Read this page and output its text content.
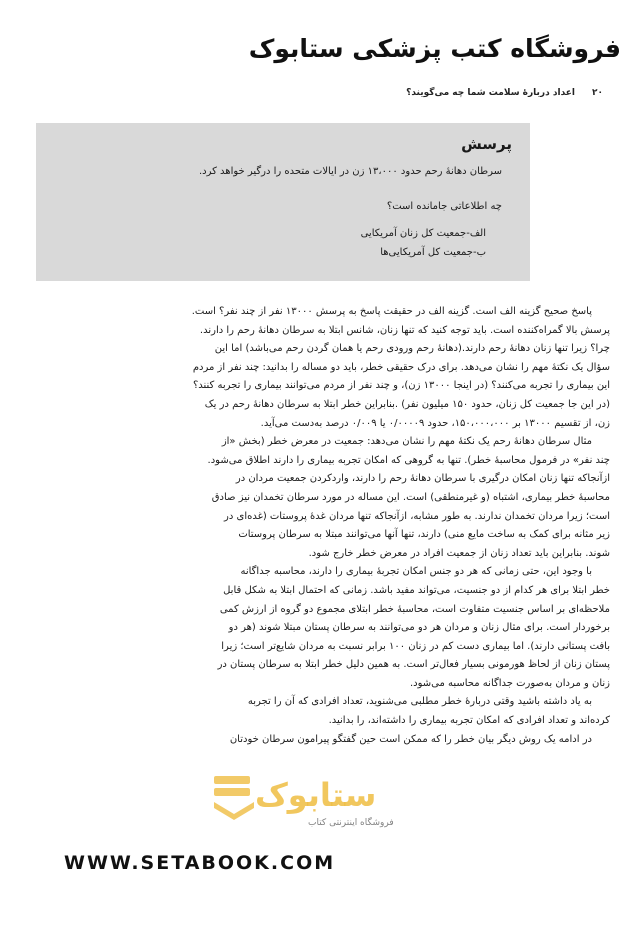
فروشگاه کتب پزشکی ستابوک
۲۰
اعداد دربارهٔ سلامت شما چه می‌گویند؟
پرسش
سرطان دهانهٔ رحم حدود ۱۳،۰۰۰ زن در ایالات متحده را درگیر خواهد کرد.
چه اطلاعاتی جامانده است؟
الف-جمعیت کل زنان آمریکایی
ب-جمعیت کل آمریکایی‌ها

پاسخ صحیح گزینه الف است. گزینه الف در حقیقت پاسخ به پرسش ۱۳۰۰۰ نفر از چند نفر؟ است.

پرسش بالا گمراه‌کننده است. باید توجه کنید که تنها زنان، شانس ابتلا به سرطان دهانهٔ رحم را دارند.

چرا؟ زیرا تنها زنان دهانهٔ رحم دارند.(دهانهٔ رحم ورودی رحم یا همان گردن رحم می‌باشد) اما این

سؤال یک نکتهٔ مهم را نشان می‌دهد. برای درک حقیقی خطر، باید دو مساله را بدانید: چند نفر از مردم

این بیماری را تجربه می‌کنند؟ (در اینجا ۱۳۰۰۰ زن)، و چند نفر از مردم می‌توانند بیماری را تجربه کنند؟

(در این جا جمعیت کل زنان، حدود ۱۵۰ میلیون نفر) .بنابراین خطر ابتلا به سرطان دهانهٔ رحم در یک

زن، از تقسیم ۱۳۰۰۰ بر ۱۵۰،۰۰۰،۰۰۰، حدود ۰/۰۰۰۰۹ یا ۰/۰۰۹ درصد به‌دست می‌آید.

مثال سرطان دهانهٔ رحم یک نکتهٔ مهم را نشان می‌دهد: جمعیت در معرض خطر (بخش «از

چند نفر» در فرمول محاسبهٔ خطر). تنها به گروهی که امکان تجربه بیماری را دارند اطلاق می‌شود.

ازآنجاکه تنها زنان امکان درگیری با سرطان دهانهٔ رحم را دارند، واردکردن جمعیت مردان در

محاسبهٔ خطر بیماری، اشتباه (و غیرمنطقی) است. این مساله در مورد سرطان تخمدان نیز صادق

است؛ زیرا مردان تخمدان ندارند. به طور مشابه، ازآنجاکه تنها مردان غدهٔ پروستات (غده‌ای در

زیر مثانه برای کمک به ساخت مایع منی) دارند، تنها آنها می‌توانند مبتلا به سرطان پروستات

شوند. بنابراین باید تعداد زنان از جمعیت افراد در معرض خطر خارج شود.

با وجود این، حتی زمانی که هر دو جنس امکان تجربهٔ بیماری را دارند، محاسبه جداگانه

خطر ابتلا برای هر کدام از دو جنسیت، می‌تواند مفید باشد. زمانی که احتمال ابتلا به شکل قابل

ملاحظه‌ای بر اساس جنسیت متفاوت است، محاسبهٔ خطر ابتلای مجموع دو گروه از ارزش کمی

برخوردار است. برای مثال زنان و مردان هر دو می‌توانند به سرطان پستان مبتلا شوند (هر دو

بافت پستانی دارند). اما بیماری دست کم در زنان ۱۰۰ برابر نسبت به مردان شایع‌تر است؛ زیرا

پستان زنان از لحاظ هورمونی بسیار فعال‌تر است. به همین دلیل خطر ابتلا به سرطان پستان در

زنان و مردان به‌صورت جداگانه محاسبه می‌شود.

به یاد داشته باشید وقتی دربارهٔ خطر مطلبی می‌شنوید، تعداد افرادی که آن را تجربه

کرده‌اند و تعداد افرادی که امکان تجربه بیماری را داشته‌اند، را بدانید.

در ادامه یک روش دیگر بیان خطر را که ممکن است حین گفتگو پیرامون سرطان خودتان

ستابوک
فروشگاه اینترنتی کتاب
WWW.SETABOOK.COM
